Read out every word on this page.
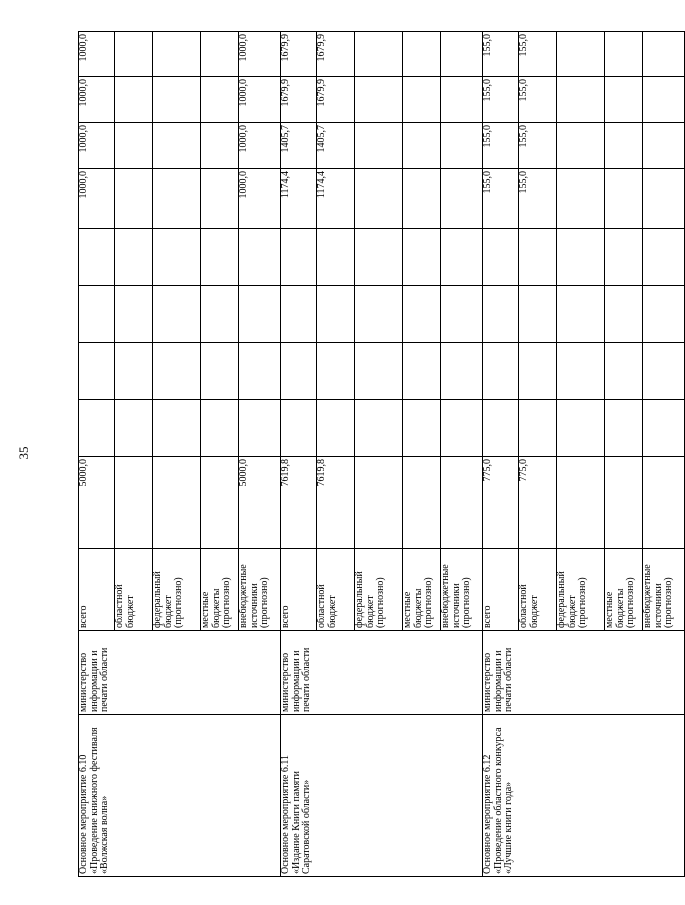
35
Основное мероприятие 6.10 «Проведение книжного фестиваля «Волжская волна»	министерство информации и печати области	всего	5000,0					1000,0	1000,0	1000,0	1000,0	
		областной бюджет										
		федеральный бюджет (прогнозно)										
		местные бюджеты (прогнозно)										
		внебюджетные источники (прогнозно)	5000,0					1000,0	1000,0	1000,0	1000,0	
Основное мероприятие 6.11 «Издание Книги памяти Саратовской области»	министерство информации и печати области	всего	7619,8					1174,4	1405,7	1679,9	1679,9	
		областной бюджет	7619,8					1174,4	1405,7	1679,9	1679,9	
		федеральный бюджет (прогнозно)										
		местные бюджеты (прогнозно)										
		внебюджетные источники (прогнозно)										
Основное мероприятие 6.12 «Проведение областного конкурса «Лучшие книги года»	министерство информации и печати области	всего	775,0					155,0	155,0	155,0	155,0	
		областной бюджет	775,0					155,0	155,0	155,0	155,0	
		федеральный бюджет (прогнозно)										
		местные бюджеты (прогнозно)										
		внебюджетные источники (прогнозно)										
